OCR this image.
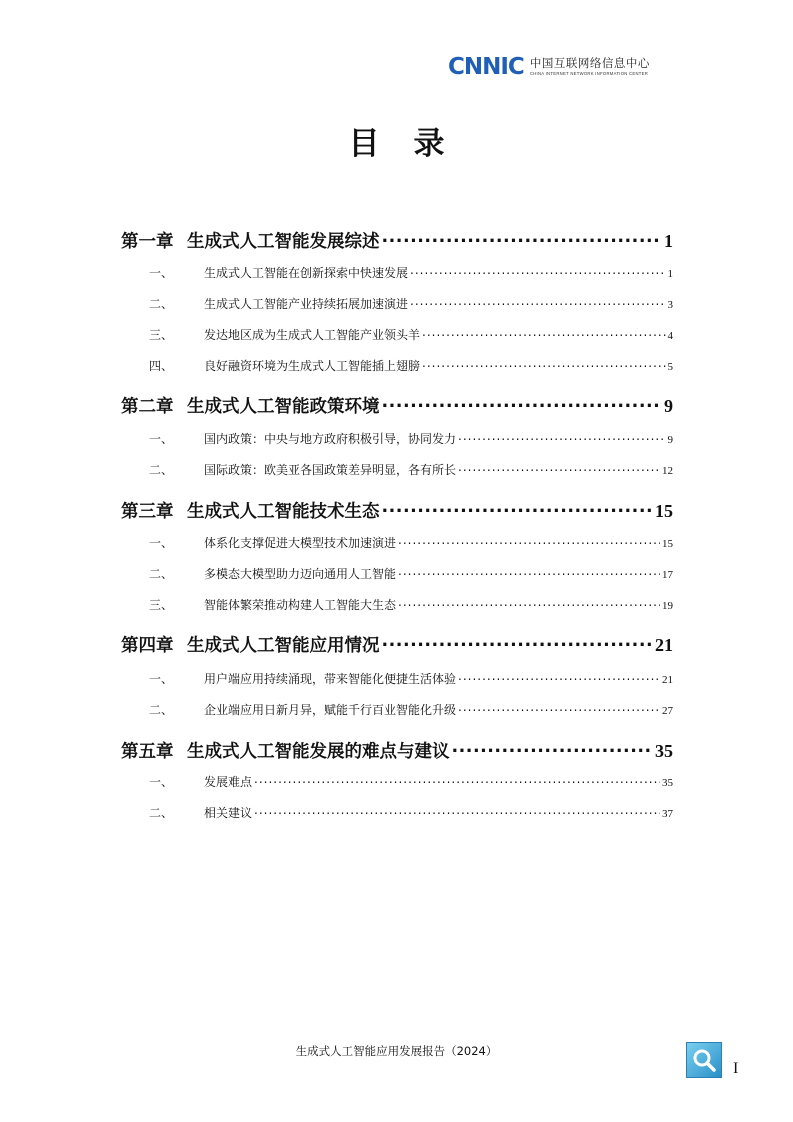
CNNIC 中国互联网络信息中心
CHINA INTERNET NETWORK INFORMATION CENTER
目录
第一章 生成式人工智能发展综述 .....	1
一、	生成式人工智能在创新探索中快速发展 .....	1
二、	生成式人工智能产业持续拓展加速演进 .....	3
三、	发达地区成为生成式人工智能产业领头羊 .....	4
四、	良好融资环境为生成式人工智能插上翅膀 .....	5
第二章 生成式人工智能政策环境 .....	9
一、	国内政策：中央与地方政府积极引导，协同发力 .....	9
二、	国际政策：欧美亚各国政策差异明显，各有所长 .....	12
第三章 生成式人工智能技术生态 .....	15
一、	体系化支撑促进大模型技术加速演进 .....	15
二、	多模态大模型助力迈向通用人工智能 .....	17
三、	智能体繁荣推动构建人工智能大生态 .....	19
第四章 生成式人工智能应用情况 .....	21
一、	用户端应用持续涌现，带来智能化便捷生活体验 .....	21
二、	企业端应用日新月异，赋能千行百业智能化升级 .....	27
第五章 生成式人工智能发展的难点与建议 .....	35
一、	发展难点 .....	35
二、	相关建议 .....	37
生成式人工智能应用发展报告（2024）
I
